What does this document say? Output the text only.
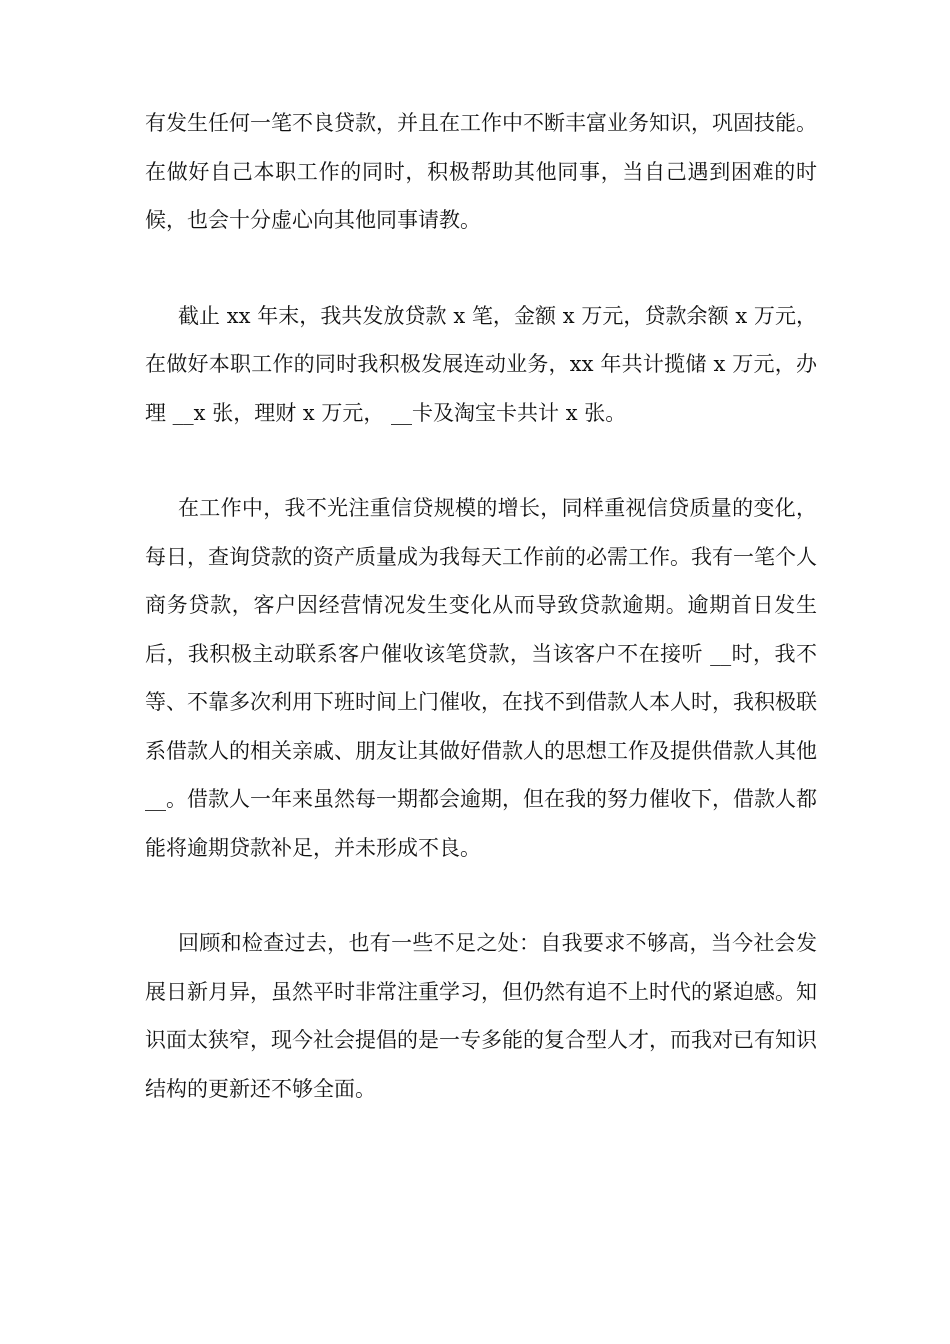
有发生任何一笔不良贷款，并且在工作中不断丰富业务知识，巩固技能。在做好自己本职工作的同时，积极帮助其他同事，当自己遇到困难的时候，也会十分虚心向其他同事请教。

截止 xx 年末，我共发放贷款 x 笔，金额 x 万元，贷款余额 x 万元，在做好本职工作的同时我积极发展连动业务，xx 年共计揽储 x 万元，办理 __x 张，理财 x 万元， __卡及淘宝卡共计 x 张。

在工作中，我不光注重信贷规模的增长，同样重视信贷质量的变化，每日，查询贷款的资产质量成为我每天工作前的必需工作。我有一笔个人商务贷款，客户因经营情况发生变化从而导致贷款逾期。逾期首日发生后，我积极主动联系客户催收该笔贷款，当该客户不在接听 __时，我不等、不靠多次利用下班时间上门催收，在找不到借款人本人时，我积极联系借款人的相关亲戚、朋友让其做好借款人的思想工作及提供借款人其他 __。借款人一年来虽然每一期都会逾期，但在我的努力催收下，借款人都能将逾期贷款补足，并未形成不良。

回顾和检查过去，也有一些不足之处：自我要求不够高，当今社会发展日新月异，虽然平时非常注重学习，但仍然有追不上时代的紧迫感。知识面太狭窄，现今社会提倡的是一专多能的复合型人才，而我对已有知识结构的更新还不够全面。
